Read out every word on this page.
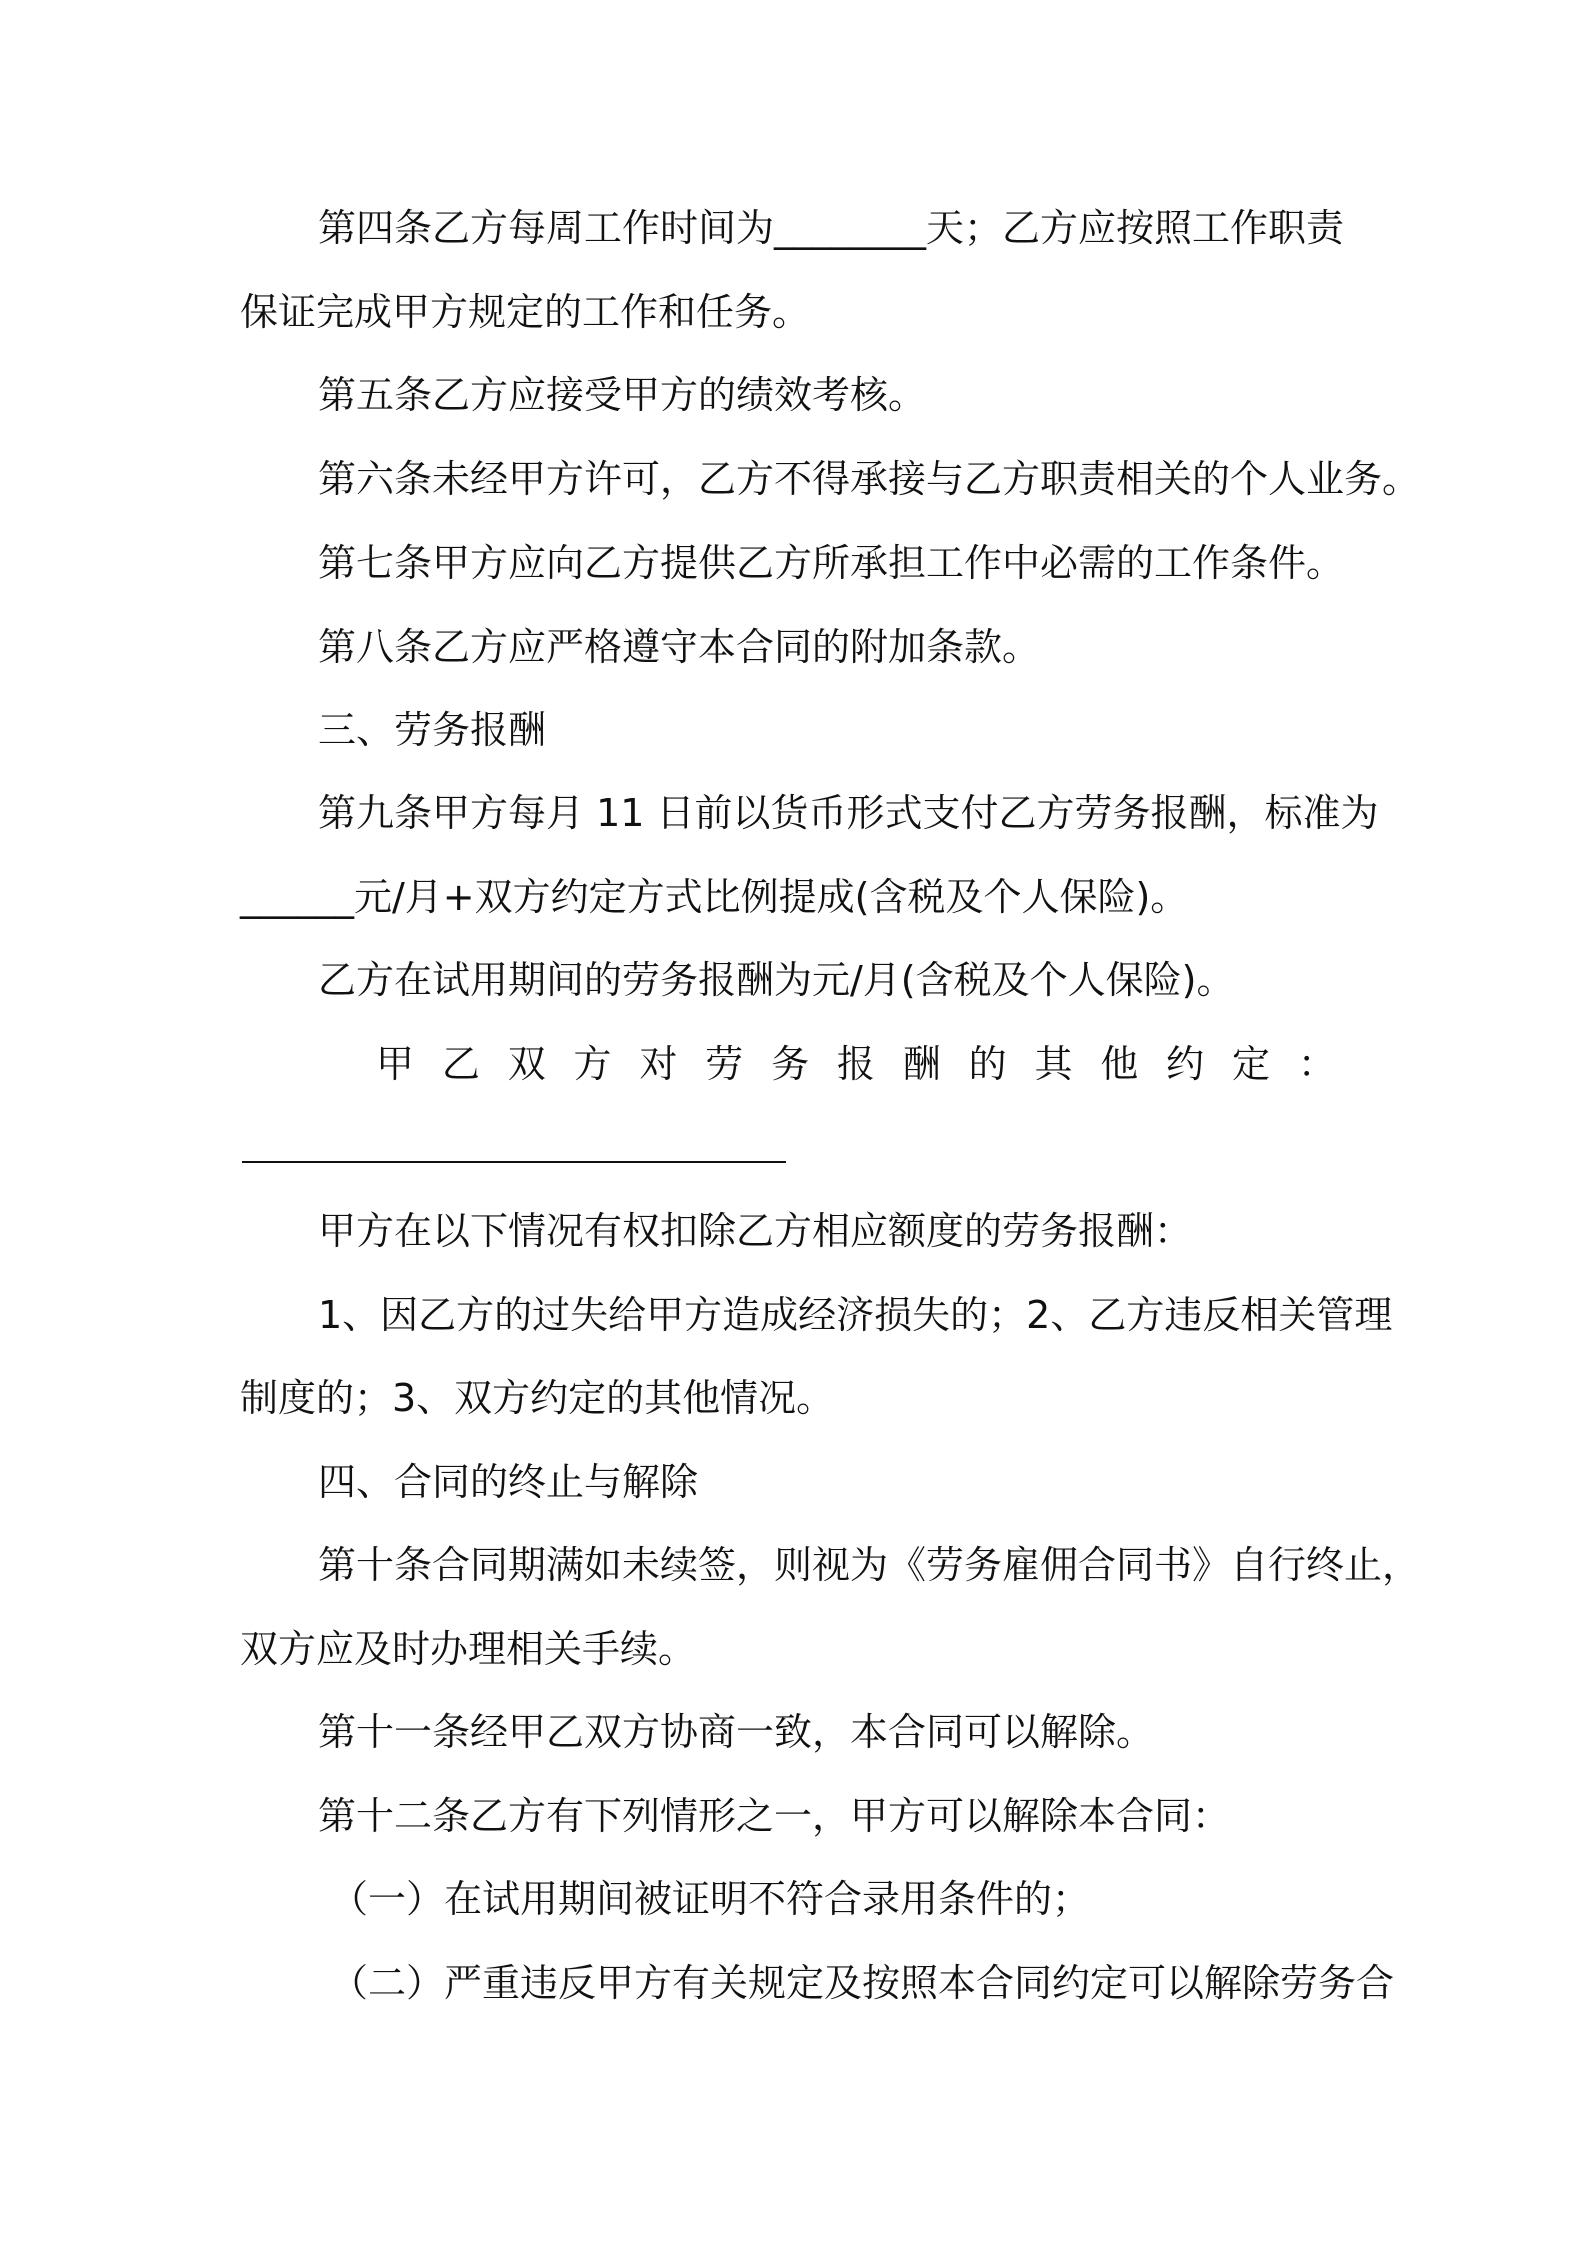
第四条乙方每周工作时间为________天；乙方应按照工作职责
保证完成甲方规定的工作和任务。
第五条乙方应接受甲方的绩效考核。
第六条未经甲方许可，乙方不得承接与乙方职责相关的个人业务。
第七条甲方应向乙方提供乙方所承担工作中必需的工作条件。
第八条乙方应严格遵守本合同的附加条款。
三、劳务报酬
第九条甲方每月 11 日前以货币形式支付乙方劳务报酬，标准为
______元/月+双方约定方式比例提成(含税及个人保险)。
乙方在试用期间的劳务报酬为元/月(含税及个人保险)。
甲 乙 双 方 对 劳 务 报 酬 的 其 他 约 定 ：
甲方在以下情况有权扣除乙方相应额度的劳务报酬：
1、因乙方的过失给甲方造成经济损失的；2、乙方违反相关管理
制度的；3、双方约定的其他情况。
四、合同的终止与解除
第十条合同期满如未续签，则视为《劳务雇佣合同书》自行终止，
双方应及时办理相关手续。
第十一条经甲乙双方协商一致，本合同可以解除。
第十二条乙方有下列情形之一，甲方可以解除本合同：
（一）在试用期间被证明不符合录用条件的；
（二）严重违反甲方有关规定及按照本合同约定可以解除劳务合
